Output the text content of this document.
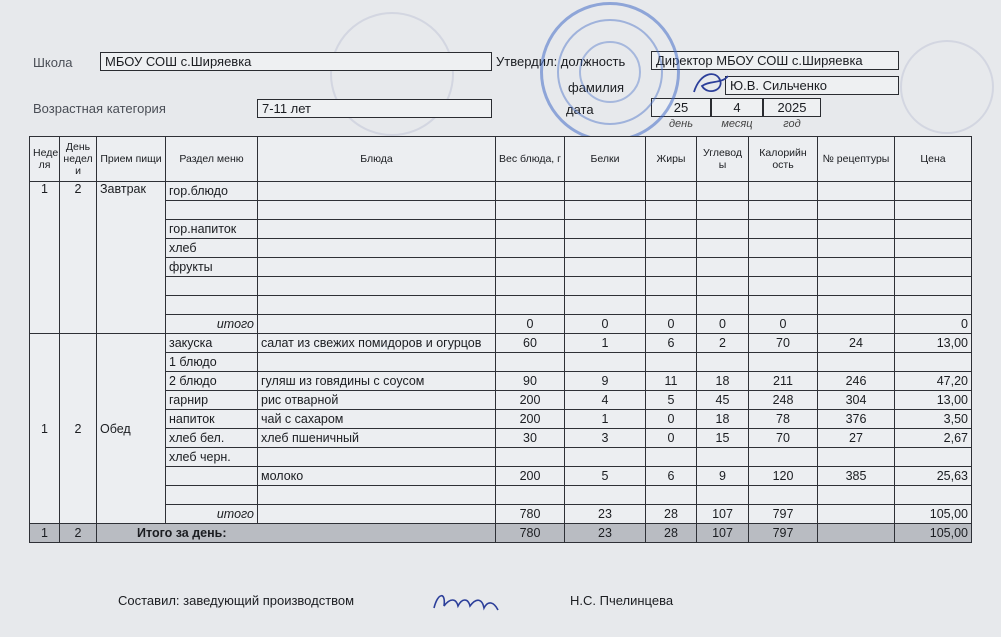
Школа	МБОУ СОШ с.Ширяевка
Возрастная категория	7-11 лет
Утвердил: должность	Директор МБОУ СОШ с.Ширяевка
фамилия	Ю.В. Сильченко
дата	25	4	2025
день	месяц	год
Неде ля	День недел и	Прием пищи	Раздел меню	Блюда	Вес блюда, г	Белки	Жиры	Углевод ы	Калорийн ость	№ рецептуры	Цена
1	2	Завтрак	гор.блюдо								

			гор.напиток								
			хлеб								
			фрукты								

			итого		0	0	0	0	0		0
1	2	Обед	закуска	салат из свежих помидоров и огурцов	60	1	6	2	70	24	13,00
			1 блюдо								
			2 блюдо	гуляш из говядины с соусом	90	9	11	18	211	246	47,20
			гарнир	рис отварной	200	4	5	45	248	304	13,00
			напиток	чай с сахаром	200	1	0	18	78	376	3,50
			хлеб бел.	хлеб пшеничный	30	3	0	15	70	27	2,67
			хлеб черн.								
				молоко	200	5	6	9	120	385	25,63

			итого		780	23	28	107	797		105,00
1	2	Итого за день:			780	23	28	107	797		105,00
Составил: заведующий производством	Н.С. Пчелинцева
